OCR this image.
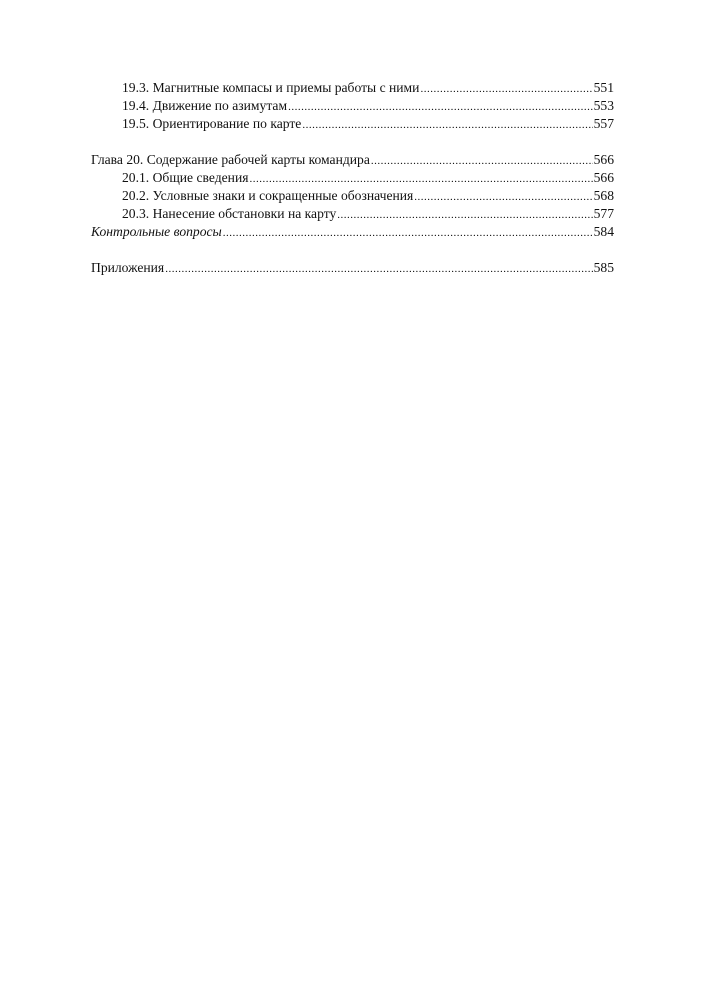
19.3. Магнитные компасы и приемы работы с ними .....	551
19.4. Движение по азимутам .....	553
19.5. Ориентирование по карте .....	557
Глава 20. Содержание рабочей карты командира .....	566
20.1. Общие сведения .....	566
20.2. Условные знаки и сокращенные обозначения .....	568
20.3. Нанесение обстановки на карту .....	577
Контрольные вопросы .....	584
Приложения .....	585
